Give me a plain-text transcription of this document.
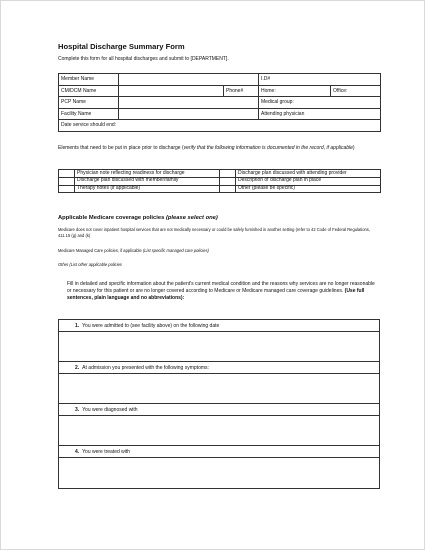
Hospital Discharge Summary Form
Complete this form for all hospital discharges and submit to [DEPARTMENT].
Member Name			I.D#	
CM/DCM Name		Phone#	Home:	Office:
PCP Name			Medical group:	
Facility Name			Attending physician	
Date service should end:				
Elements that need to be put in place prior to discharge (verify that the following information is documented in the record, if applicable)
	Physician note reflecting readiness for discharge		Discharge plan discussed with attending provider
	Discharge plan discussed with member/family		Description of discharge plan in place
	Therapy notes (if applicable)		Other (please be specific)
Applicable Medicare coverage policies (please select one)
Medicare does not cover inpatient hospital services that are not medically necessary or could be safely furnished in another setting (refer to 42 Code of Federal Regulations, 411.15 (g) and (k)
Medicare Managed Care policies, if applicable (List specific managed care policies)
Other (List other applicable policies
Fill in detailed and specific information about the patient's current medical condition and the reasons why services are no longer reasonable or necessary for this patient or are no longer covered according to Medicare or Medicare managed care coverage guidelines. (Use full sentences, plain language and no abbreviations):
1. You were admitted to (see facility above) on the following date
2. At admission you presented with the following symptoms:
3. You were diagnosed with
4. You were treated with
